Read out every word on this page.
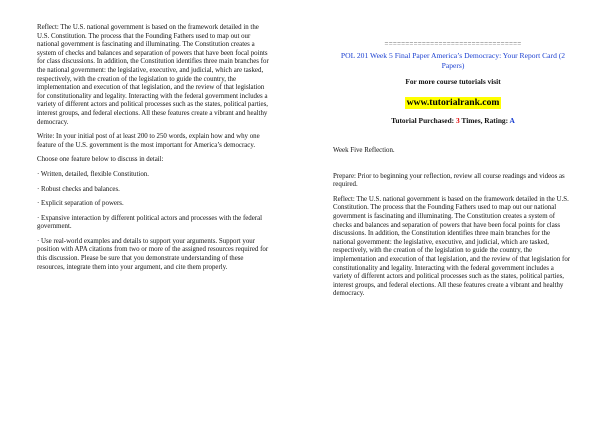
Reflect: The U.S. national government is based on the framework detailed in the U.S. Constitution. The process that the Founding Fathers used to map out our national government is fascinating and illuminating. The Constitution creates a system of checks and balances and separation of powers that have been focal points for class discussions. In addition, the Constitution identifies three main branches for the national government: the legislative, executive, and judicial, which are tasked, respectively, with the creation of the legislation to guide the country, the implementation and execution of that legislation, and the review of that legislation for constitutionality and legality. Interacting with the federal government includes a variety of different actors and political processes such as the states, political parties, interest groups, and federal elections. All these features create a vibrant and healthy democracy.

Write: In your initial post of at least 200 to 250 words, explain how and why one feature of the U.S. government is the most important for America’s democracy.

Choose one feature below to discuss in detail:

· Written, detailed, flexible Constitution.

· Robust checks and balances.

· Explicit separation of powers.

· Expansive interaction by different political actors and processes with the federal government.

· Use real-world examples and details to support your arguments. Support your position with APA citations from two or more of the assigned resources required for this discussion. Please be sure that you demonstrate understanding of these resources, integrate them into your argument, and cite them properly.

=================================
POL 201 Week 5 Final Paper America’s Democracy: Your Report Card (2 Papers)
For more course tutorials visit
www.tutorialrank.com
Tutorial Purchased: 3 Times, Rating: A

Week Five Reflection.

Prepare: Prior to beginning your reflection, review all course readings and videos as required.

Reflect: The U.S. national government is based on the framework detailed in the U.S. Constitution. The process that the Founding Fathers used to map out our national government is fascinating and illuminating. The Constitution creates a system of checks and balances and separation of powers that have been focal points for class discussions. In addition, the Constitution identifies three main branches for the national government: the legislative, executive, and judicial, which are tasked, respectively, with the creation of the legislation to guide the country, the implementation and execution of that legislation, and the review of that legislation for constitutionality and legality. Interacting with the federal government includes a variety of different actors and political processes such as the states, political parties, interest groups, and federal elections. All these features create a vibrant and healthy democracy.
